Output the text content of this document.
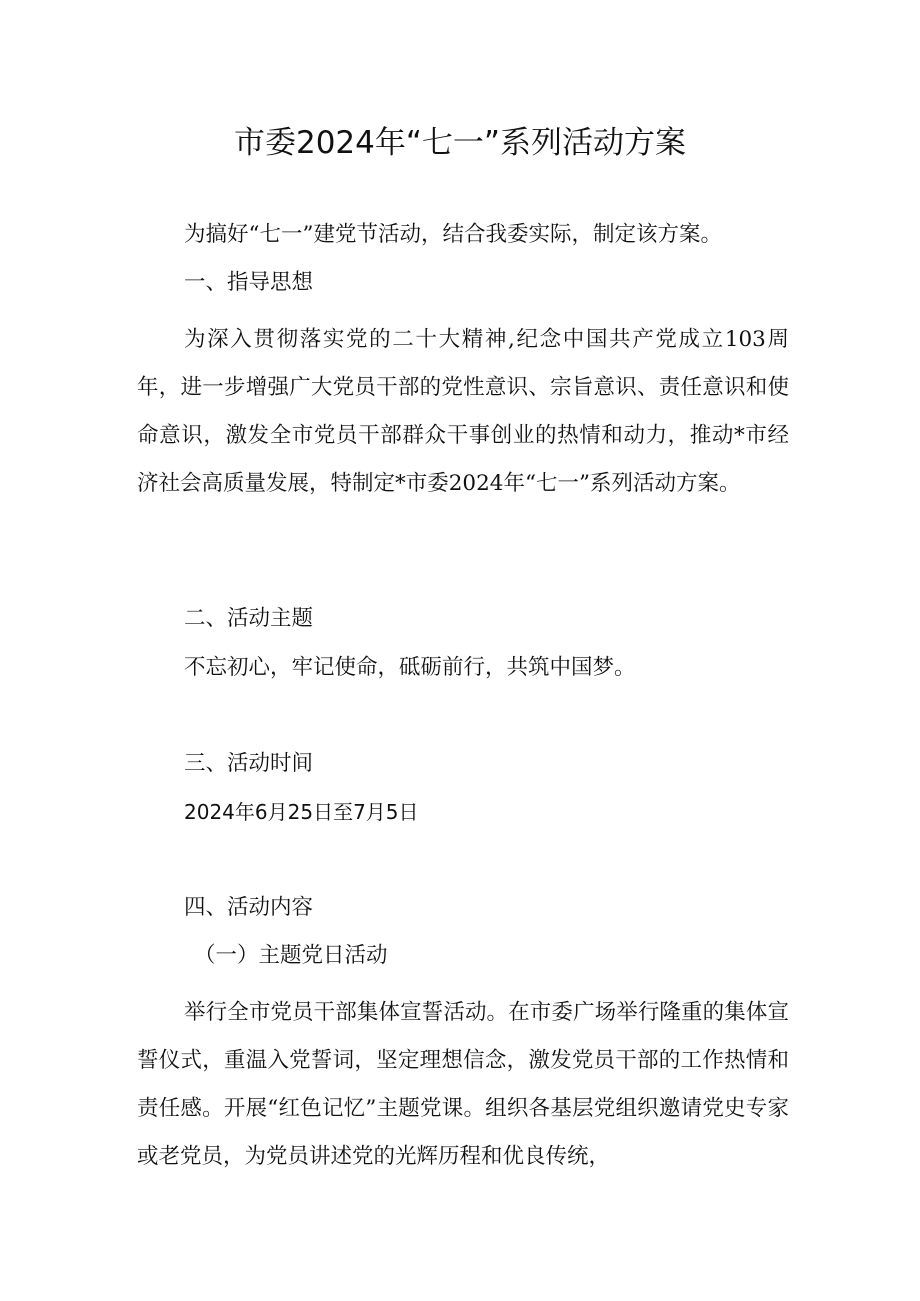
市委2024年“七一”系列活动方案

为搞好“七一”建党节活动，结合我委实际，制定该方案。

一、指导思想

为深入贯彻落实党的二十大精神,纪念中国共产党成立103周年，进一步增强广大党员干部的党性意识、宗旨意识、责任意识和使命意识，激发全市党员干部群众干事创业的热情和动力，推动*市经济社会高质量发展，特制定*市委2024年“七一”系列活动方案。

二、活动主题

不忘初心，牢记使命，砥砺前行，共筑中国梦。

三、活动时间

2024年6月25日至7月5日

四、活动内容

（一）主题党日活动

举行全市党员干部集体宣誓活动。在市委广场举行隆重的集体宣誓仪式，重温入党誓词，坚定理想信念，激发党员干部的工作热情和责任感。开展“红色记忆”主题党课。组织各基层党组织邀请党史专家或老党员，为党员讲述党的光辉历程和优良传统，
